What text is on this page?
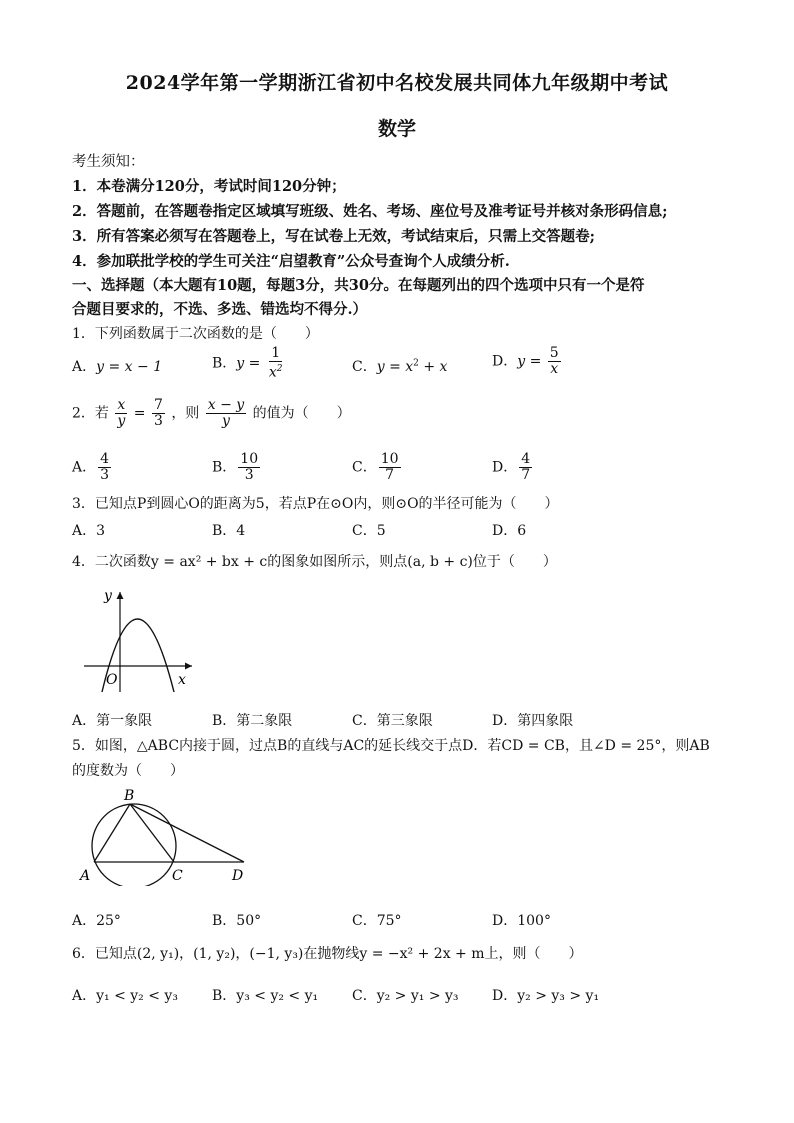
2024学年第一学期浙江省初中名校发展共同体九年级期中考试
数学
考生须知：
1．本卷满分120分，考试时间120分钟；
2．答题前，在答题卷指定区域填写班级、姓名、考场、座位号及准考证号并核对条形码信息;
3．所有答案必须写在答题卷上，写在试卷上无效，考试结束后，只需上交答题卷;
4．参加联批学校的学生可关注“启望教育”公众号查询个人成绩分析.
一、选择题（本大题有10题，每题3分，共30分。在每题列出的四个选项中只有一个是符
合题目要求的，不选、多选、错选均不得分.）
1．下列函数属于二次函数的是（　　）
A．y = x − 1	B．$y = \frac{1}{x^2}$	C．$y = x^2 + x$	D．$y = \frac{5}{x}$
2．若 $\frac{x}{y} = \frac{7}{3}$ ，则 $\frac{x - y}{y}$ 的值为（　　）
A． $\frac{4}{3}$	B． $\frac{10}{3}$	C． $\frac{10}{7}$	D． $\frac{4}{7}$
3．已知点P到圆心O的距离为5，若点P在⊙O内，则⊙O的半径可能为（　　）
A．3	B．4	C．5	D．6
4．二次函数y = ax² + bx + c的图象如图所示，则点(a, b + c)位于（　　）
y
O	x
A．第一象限	B．第二象限	C．第三象限	D．第四象限
5．如图，△ABC内接于圆，过点B的直线与AC的延长线交于点D．若CD = CB，且∠D = 25°，则AB
的度数为（　　）
B
A	C	D
A．25°	B．50°	C．75°	D．100°
6．已知点(2, y₁)，(1, y₂)，(−1, y₃)在抛物线y = −x² + 2x + m上，则（　　）
A．y₁ < y₂ < y₃ B．y₃ < y₂ < y₁ C．y₂ > y₁ > y₃ D．y₂ > y₃ > y₁
